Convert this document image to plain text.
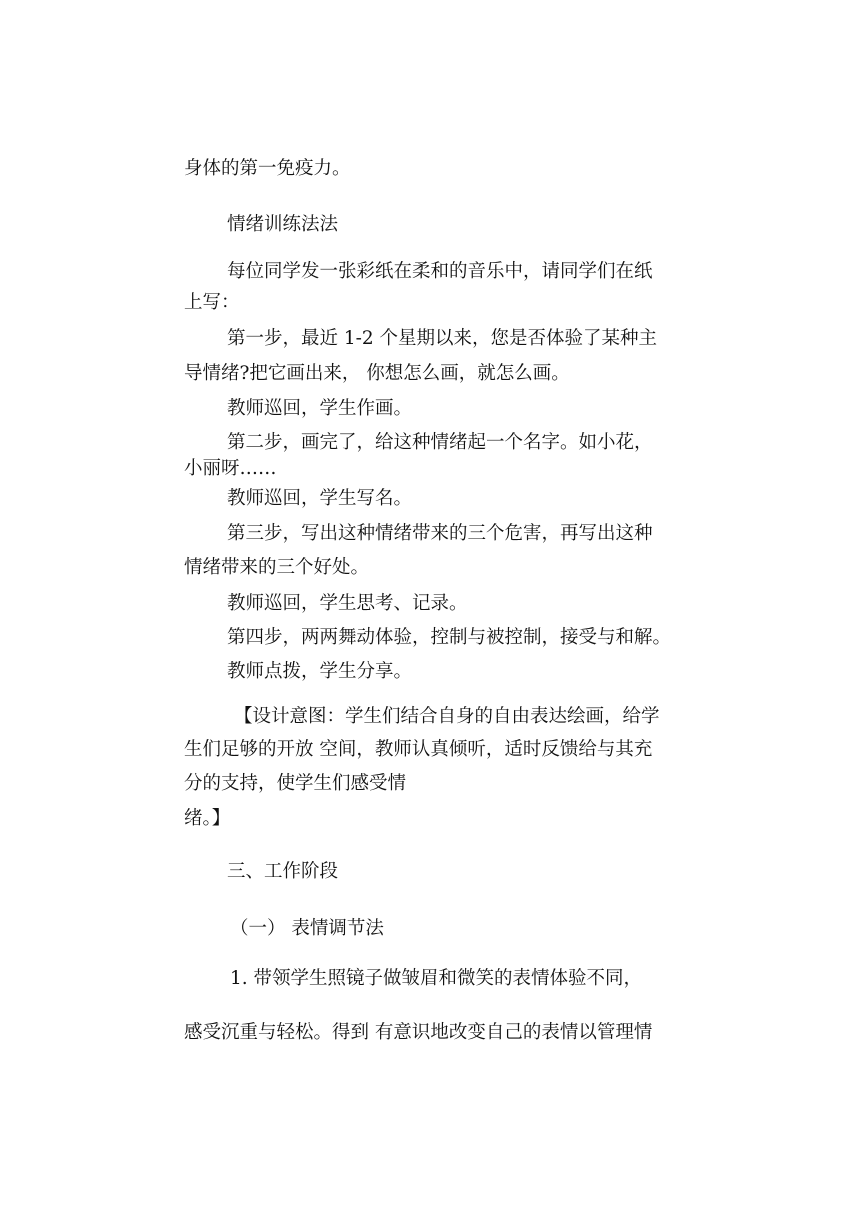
身体的第一免疫力。
情绪训练法法
每位同学发一张彩纸在柔和的音乐中，请同学们在纸
上写：
第一步，最近 1-2 个星期以来，您是否体验了某种主
导情绪?把它画出来， 你想怎么画，就怎么画。
教师巡回，学生作画。
第二步，画完了，给这种情绪起一个名字。如小花，
小丽呀……
教师巡回，学生写名。
第三步，写出这种情绪带来的三个危害，再写出这种
情绪带来的三个好处。
教师巡回，学生思考、记录。
第四步，两两舞动体验，控制与被控制，接受与和解。
教师点拨，学生分享。
【设计意图：学生们结合自身的自由表达绘画，给学
生们足够的开放 空间，教师认真倾听，适时反馈给与其充
分的支持，使学生们感受情
绪。】
三、工作阶段
（一） 表情调节法
1. 带领学生照镜子做皱眉和微笑的表情体验不同，
感受沉重与轻松。得到 有意识地改变自己的表情以管理情
